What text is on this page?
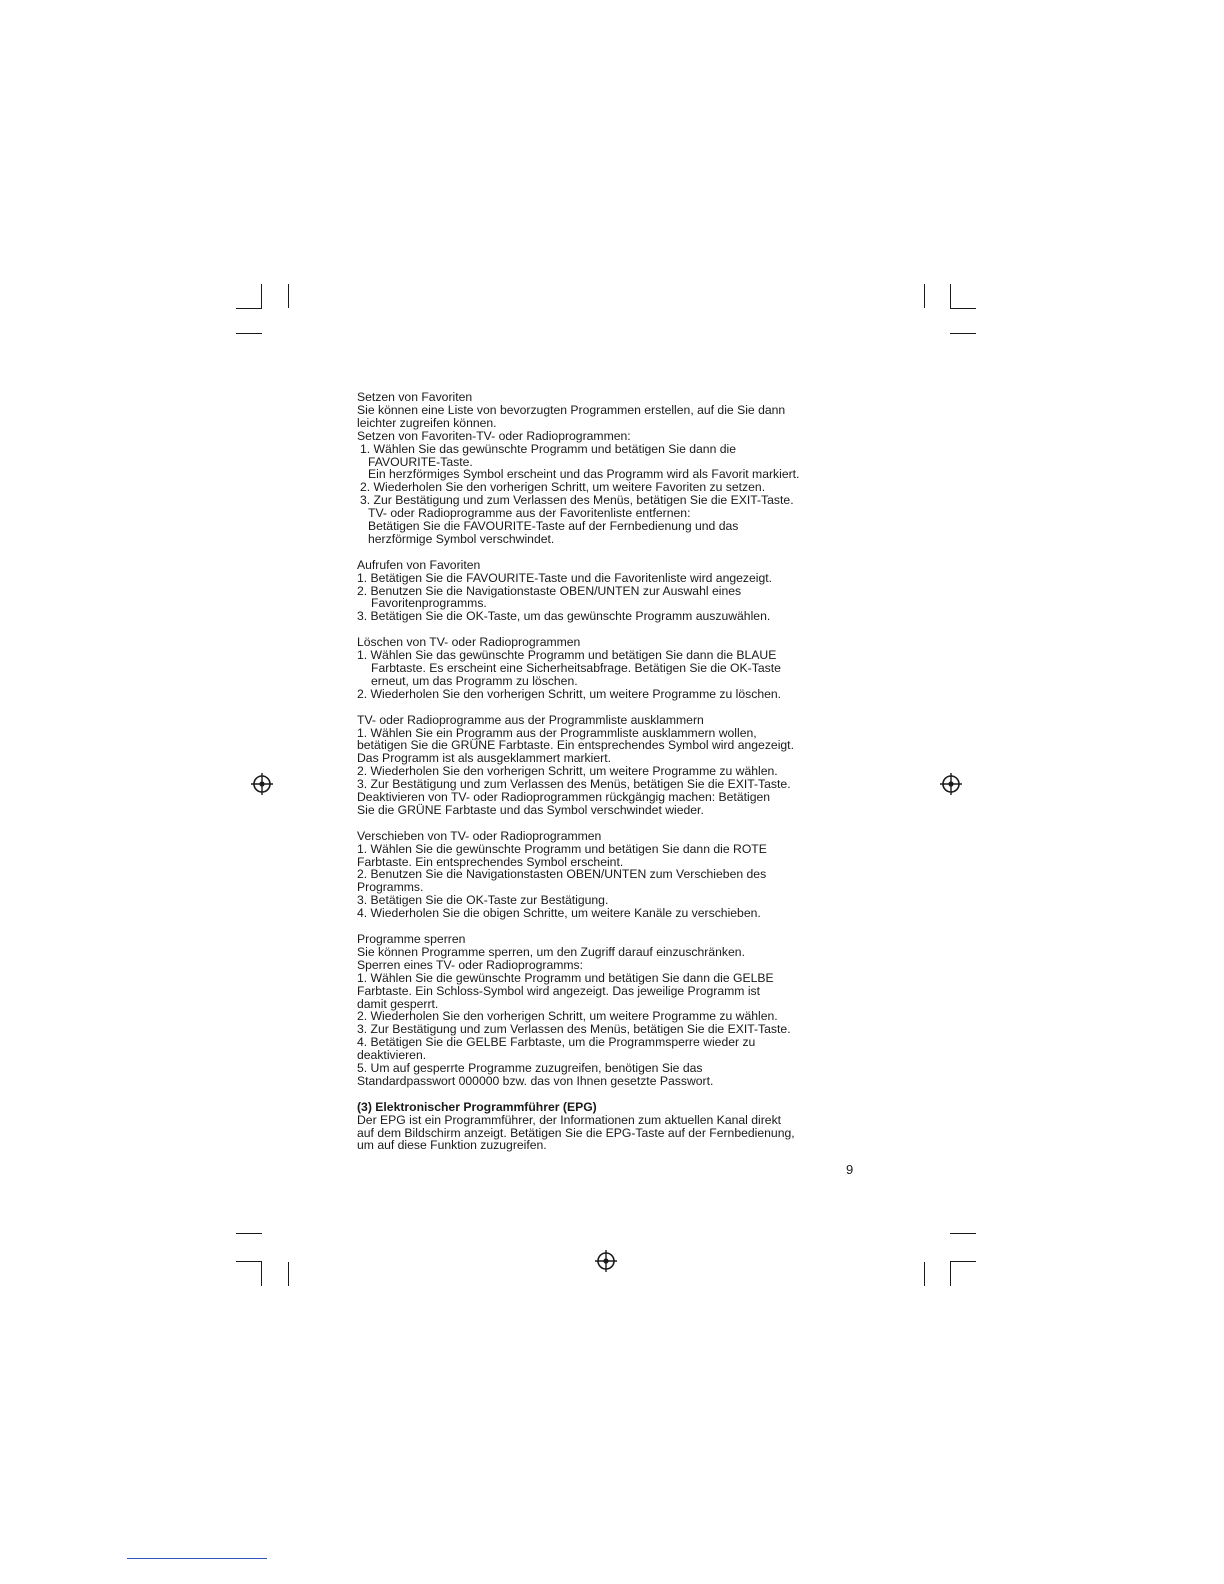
Setzen von Favoriten
Sie können eine Liste von bevorzugten Programmen erstellen, auf die Sie dann
leichter zugreifen können.
Setzen von Favoriten-TV- oder Radioprogrammen:
1. Wählen Sie das gewünschte Programm und betätigen Sie dann die
FAVOURITE-Taste.
Ein herzförmiges Symbol erscheint und das Programm wird als Favorit markiert.
2. Wiederholen Sie den vorherigen Schritt, um weitere Favoriten zu setzen.
3. Zur Bestätigung und zum Verlassen des Menüs, betätigen Sie die EXIT-Taste.
TV- oder Radioprogramme aus der Favoritenliste entfernen:
Betätigen Sie die FAVOURITE-Taste auf der Fernbedienung und das
herzförmige Symbol verschwindet.
Aufrufen von Favoriten
1. Betätigen Sie die FAVOURITE-Taste und die Favoritenliste wird angezeigt.
2. Benutzen Sie die Navigationstaste OBEN/UNTEN zur Auswahl eines
Favoritenprogramms.
3. Betätigen Sie die OK-Taste, um das gewünschte Programm auszuwählen.
Löschen von TV- oder Radioprogrammen
1. Wählen Sie das gewünschte Programm und betätigen Sie dann die BLAUE
Farbtaste. Es erscheint eine Sicherheitsabfrage. Betätigen Sie die OK-Taste
erneut, um das Programm zu löschen.
2. Wiederholen Sie den vorherigen Schritt, um weitere Programme zu löschen.
TV- oder Radioprogramme aus der Programmliste ausklammern
1. Wählen Sie ein Programm aus der Programmliste ausklammern wollen,
betätigen Sie die GRÜNE Farbtaste. Ein entsprechendes Symbol wird angezeigt.
Das Programm ist als ausgeklammert markiert.
2. Wiederholen Sie den vorherigen Schritt, um weitere Programme zu wählen.
3. Zur Bestätigung und zum Verlassen des Menüs, betätigen Sie die EXIT-Taste.
Deaktivieren von TV- oder Radioprogrammen rückgängig machen: Betätigen
Sie die GRÜNE Farbtaste und das Symbol verschwindet wieder.
Verschieben von TV- oder Radioprogrammen
1. Wählen Sie die gewünschte Programm und betätigen Sie dann die ROTE
Farbtaste. Ein entsprechendes Symbol erscheint.
2. Benutzen Sie die Navigationstasten OBEN/UNTEN zum Verschieben des
Programms.
3. Betätigen Sie die OK-Taste zur Bestätigung.
4. Wiederholen Sie die obigen Schritte, um weitere Kanäle zu verschieben.
Programme sperren
Sie können Programme sperren, um den Zugriff darauf einzuschränken.
Sperren eines TV- oder Radioprogramms:
1. Wählen Sie die gewünschte Programm und betätigen Sie dann die GELBE
Farbtaste. Ein Schloss-Symbol wird angezeigt. Das jeweilige Programm ist
damit gesperrt.
2. Wiederholen Sie den vorherigen Schritt, um weitere Programme zu wählen.
3. Zur Bestätigung und zum Verlassen des Menüs, betätigen Sie die EXIT-Taste.
4. Betätigen Sie die GELBE Farbtaste, um die Programmsperre wieder zu
deaktivieren.
5. Um auf gesperrte Programme zuzugreifen, benötigen Sie das
Standardpasswort 000000 bzw. das von Ihnen gesetzte Passwort.
(3) Elektronischer Programmführer (EPG)
Der EPG ist ein Programmführer, der Informationen zum aktuellen Kanal direkt
auf dem Bildschirm anzeigt. Betätigen Sie die EPG-Taste auf der Fernbedienung,
um auf diese Funktion zuzugreifen.
9
